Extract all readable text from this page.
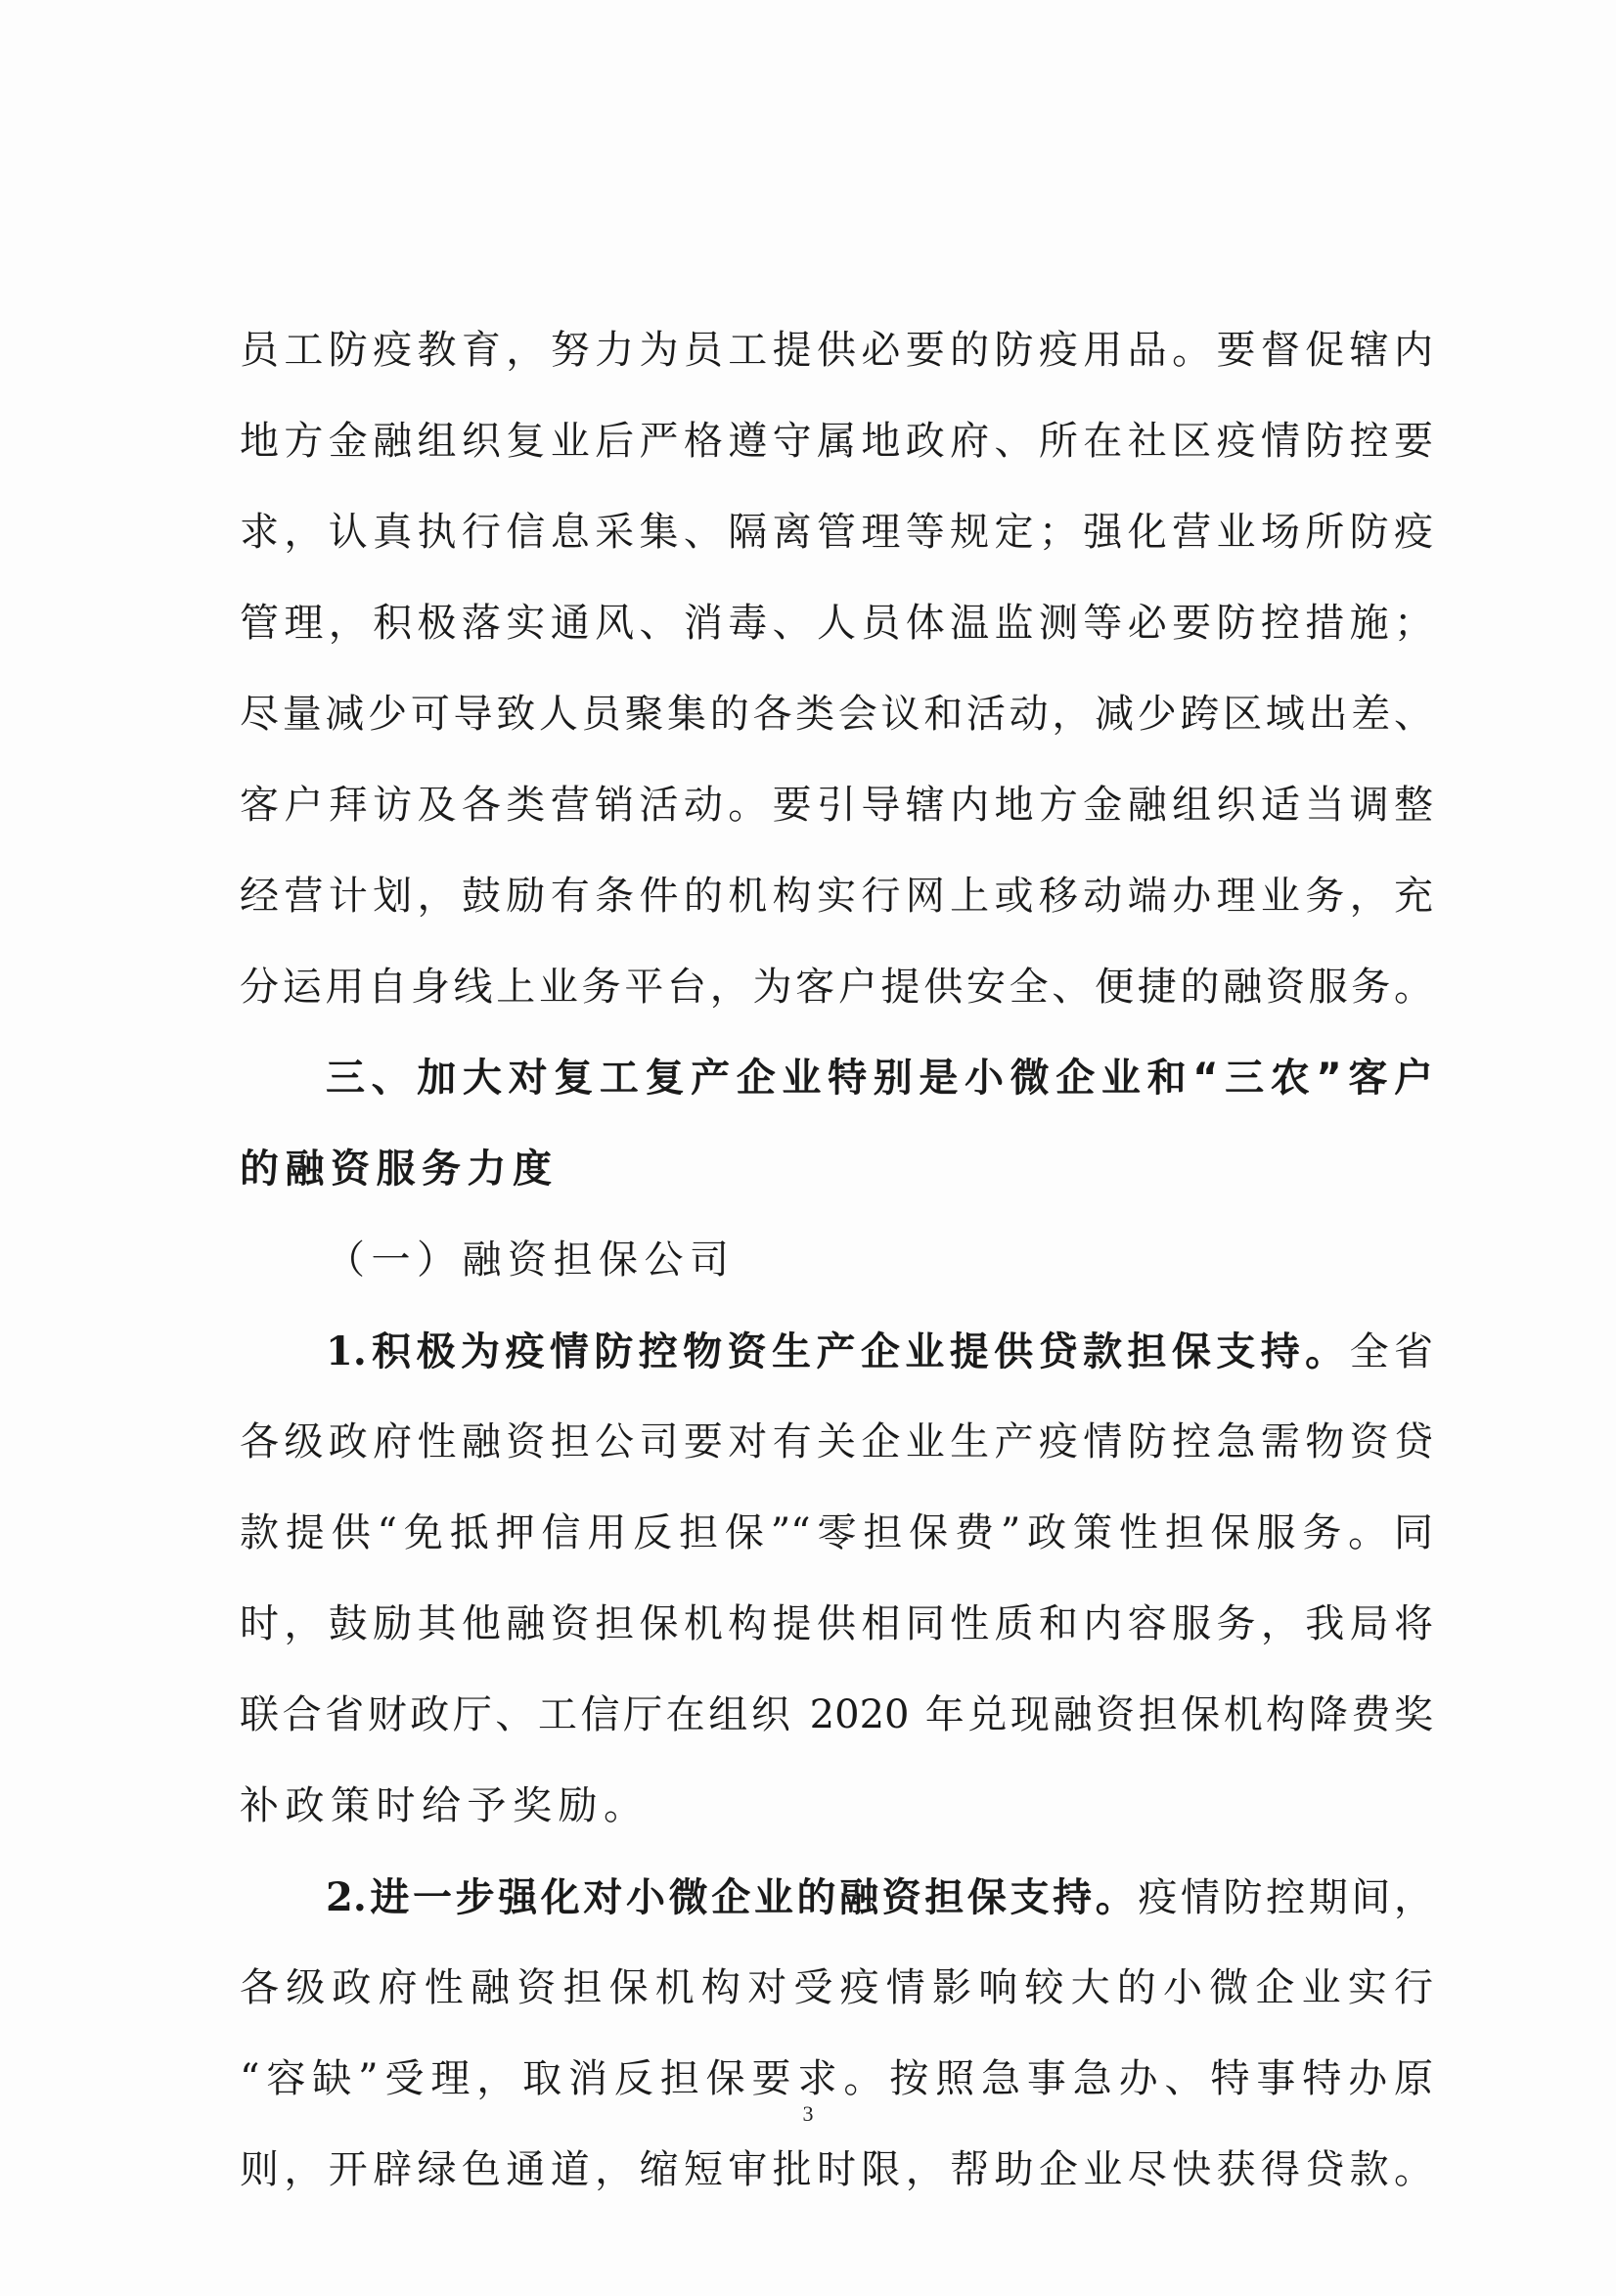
员工防疫教育，努力为员工提供必要的防疫用品。要督促辖内
地方金融组织复业后严格遵守属地政府、所在社区疫情防控要
求，认真执行信息采集、隔离管理等规定；强化营业场所防疫
管理，积极落实通风、消毒、人员体温监测等必要防控措施；
尽量减少可导致人员聚集的各类会议和活动，减少跨区域出差、
客户拜访及各类营销活动。要引导辖内地方金融组织适当调整
经营计划，鼓励有条件的机构实行网上或移动端办理业务，充
分运用自身线上业务平台，为客户提供安全、便捷的融资服务。
三、加大对复工复产企业特别是小微企业和“三农”客户
的融资服务力度
（一）融资担保公司
1.积极为疫情防控物资生产企业提供贷款担保支持。全省
各级政府性融资担公司要对有关企业生产疫情防控急需物资贷
款提供“免抵押信用反担保”“零担保费”政策性担保服务。同
时，鼓励其他融资担保机构提供相同性质和内容服务，我局将
联合省财政厅、工信厅在组织 2020 年兑现融资担保机构降费奖
补政策时给予奖励。
2.进一步强化对小微企业的融资担保支持。疫情防控期间，
各级政府性融资担保机构对受疫情影响较大的小微企业实行
“容缺”受理，取消反担保要求。按照急事急办、特事特办原
则，开辟绿色通道，缩短审批时限，帮助企业尽快获得贷款。
3
